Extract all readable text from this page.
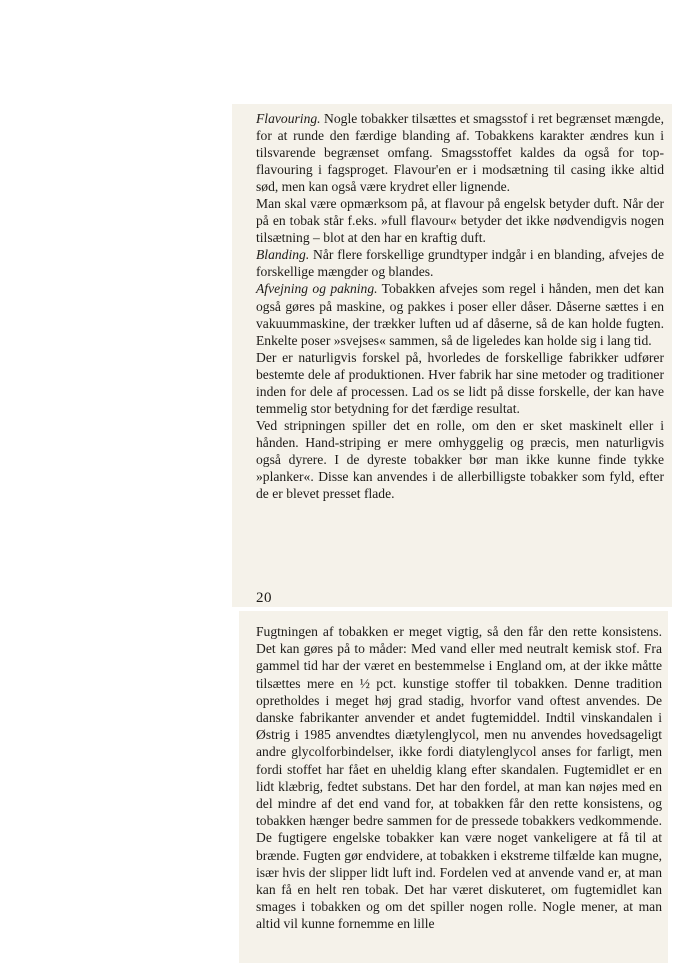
Flavouring. Nogle tobakker tilsættes et smagsstof i ret begrænset mængde, for at runde den færdige blanding af. Tobakkens karakter ændres kun i tilsvarende begrænset omfang. Smagsstoffet kaldes da også for top-flavouring i fagsproget. Flavour'en er i modsætning til casing ikke altid sød, men kan også være krydret eller lignende.

Man skal være opmærksom på, at flavour på engelsk betyder duft. Når der på en tobak står f.eks. »full flavour« betyder det ikke nødvendigvis nogen tilsætning – blot at den har en kraftig duft.

Blanding. Når flere forskellige grundtyper indgår i en blanding, afvejes de forskellige mængder og blandes.

Afvejning og pakning. Tobakken afvejes som regel i hånden, men det kan også gøres på maskine, og pakkes i poser eller dåser. Dåserne sættes i en vakuummaskine, der trækker luften ud af dåserne, så de kan holde fugten. Enkelte poser »svejses« sammen, så de ligeledes kan holde sig i lang tid.

Der er naturligvis forskel på, hvorledes de forskellige fabrikker udfører bestemte dele af produktionen. Hver fabrik har sine metoder og traditioner inden for dele af processen. Lad os se lidt på disse forskelle, der kan have temmelig stor betydning for det færdige resultat.

Ved stripningen spiller det en rolle, om den er sket maskinelt eller i hånden. Hand-striping er mere omhyggelig og præcis, men naturligvis også dyrere. I de dyreste tobakker bør man ikke kunne finde tykke »planker«. Disse kan anvendes i de allerbilligste tobakker som fyld, efter de er blevet presset flade.

20

Fugtningen af tobakken er meget vigtig, så den får den rette konsistens. Det kan gøres på to måder: Med vand eller med neutralt kemisk stof. Fra gammel tid har der været en bestemmelse i England om, at der ikke måtte tilsættes mere en ½ pct. kunstige stoffer til tobakken. Denne tradition opretholdes i meget høj grad stadig, hvorfor vand oftest anvendes. De danske fabrikanter anvender et andet fugtemiddel. Indtil vinskandalen i Østrig i 1985 anvendtes diætylenglycol, men nu anvendes hovedsageligt andre glycolforbindelser, ikke fordi diatylenglycol anses for farligt, men fordi stoffet har fået en uheldig klang efter skandalen. Fugtemidlet er en lidt klæbrig, fedtet substans. Det har den fordel, at man kan nøjes med en del mindre af det end vand for, at tobakken får den rette konsistens, og tobakken hænger bedre sammen for de pressede tobakkers vedkommende. De fugtigere engelske tobakker kan være noget vankeligere at få til at brænde. Fugten gør endvidere, at tobakken i ekstreme tilfælde kan mugne, især hvis der slipper lidt luft ind. Fordelen ved at anvende vand er, at man kan få en helt ren tobak. Det har været diskuteret, om fugtemidlet kan smages i tobakken og om det spiller nogen rolle. Nogle mener, at man altid vil kunne fornemme en lille
